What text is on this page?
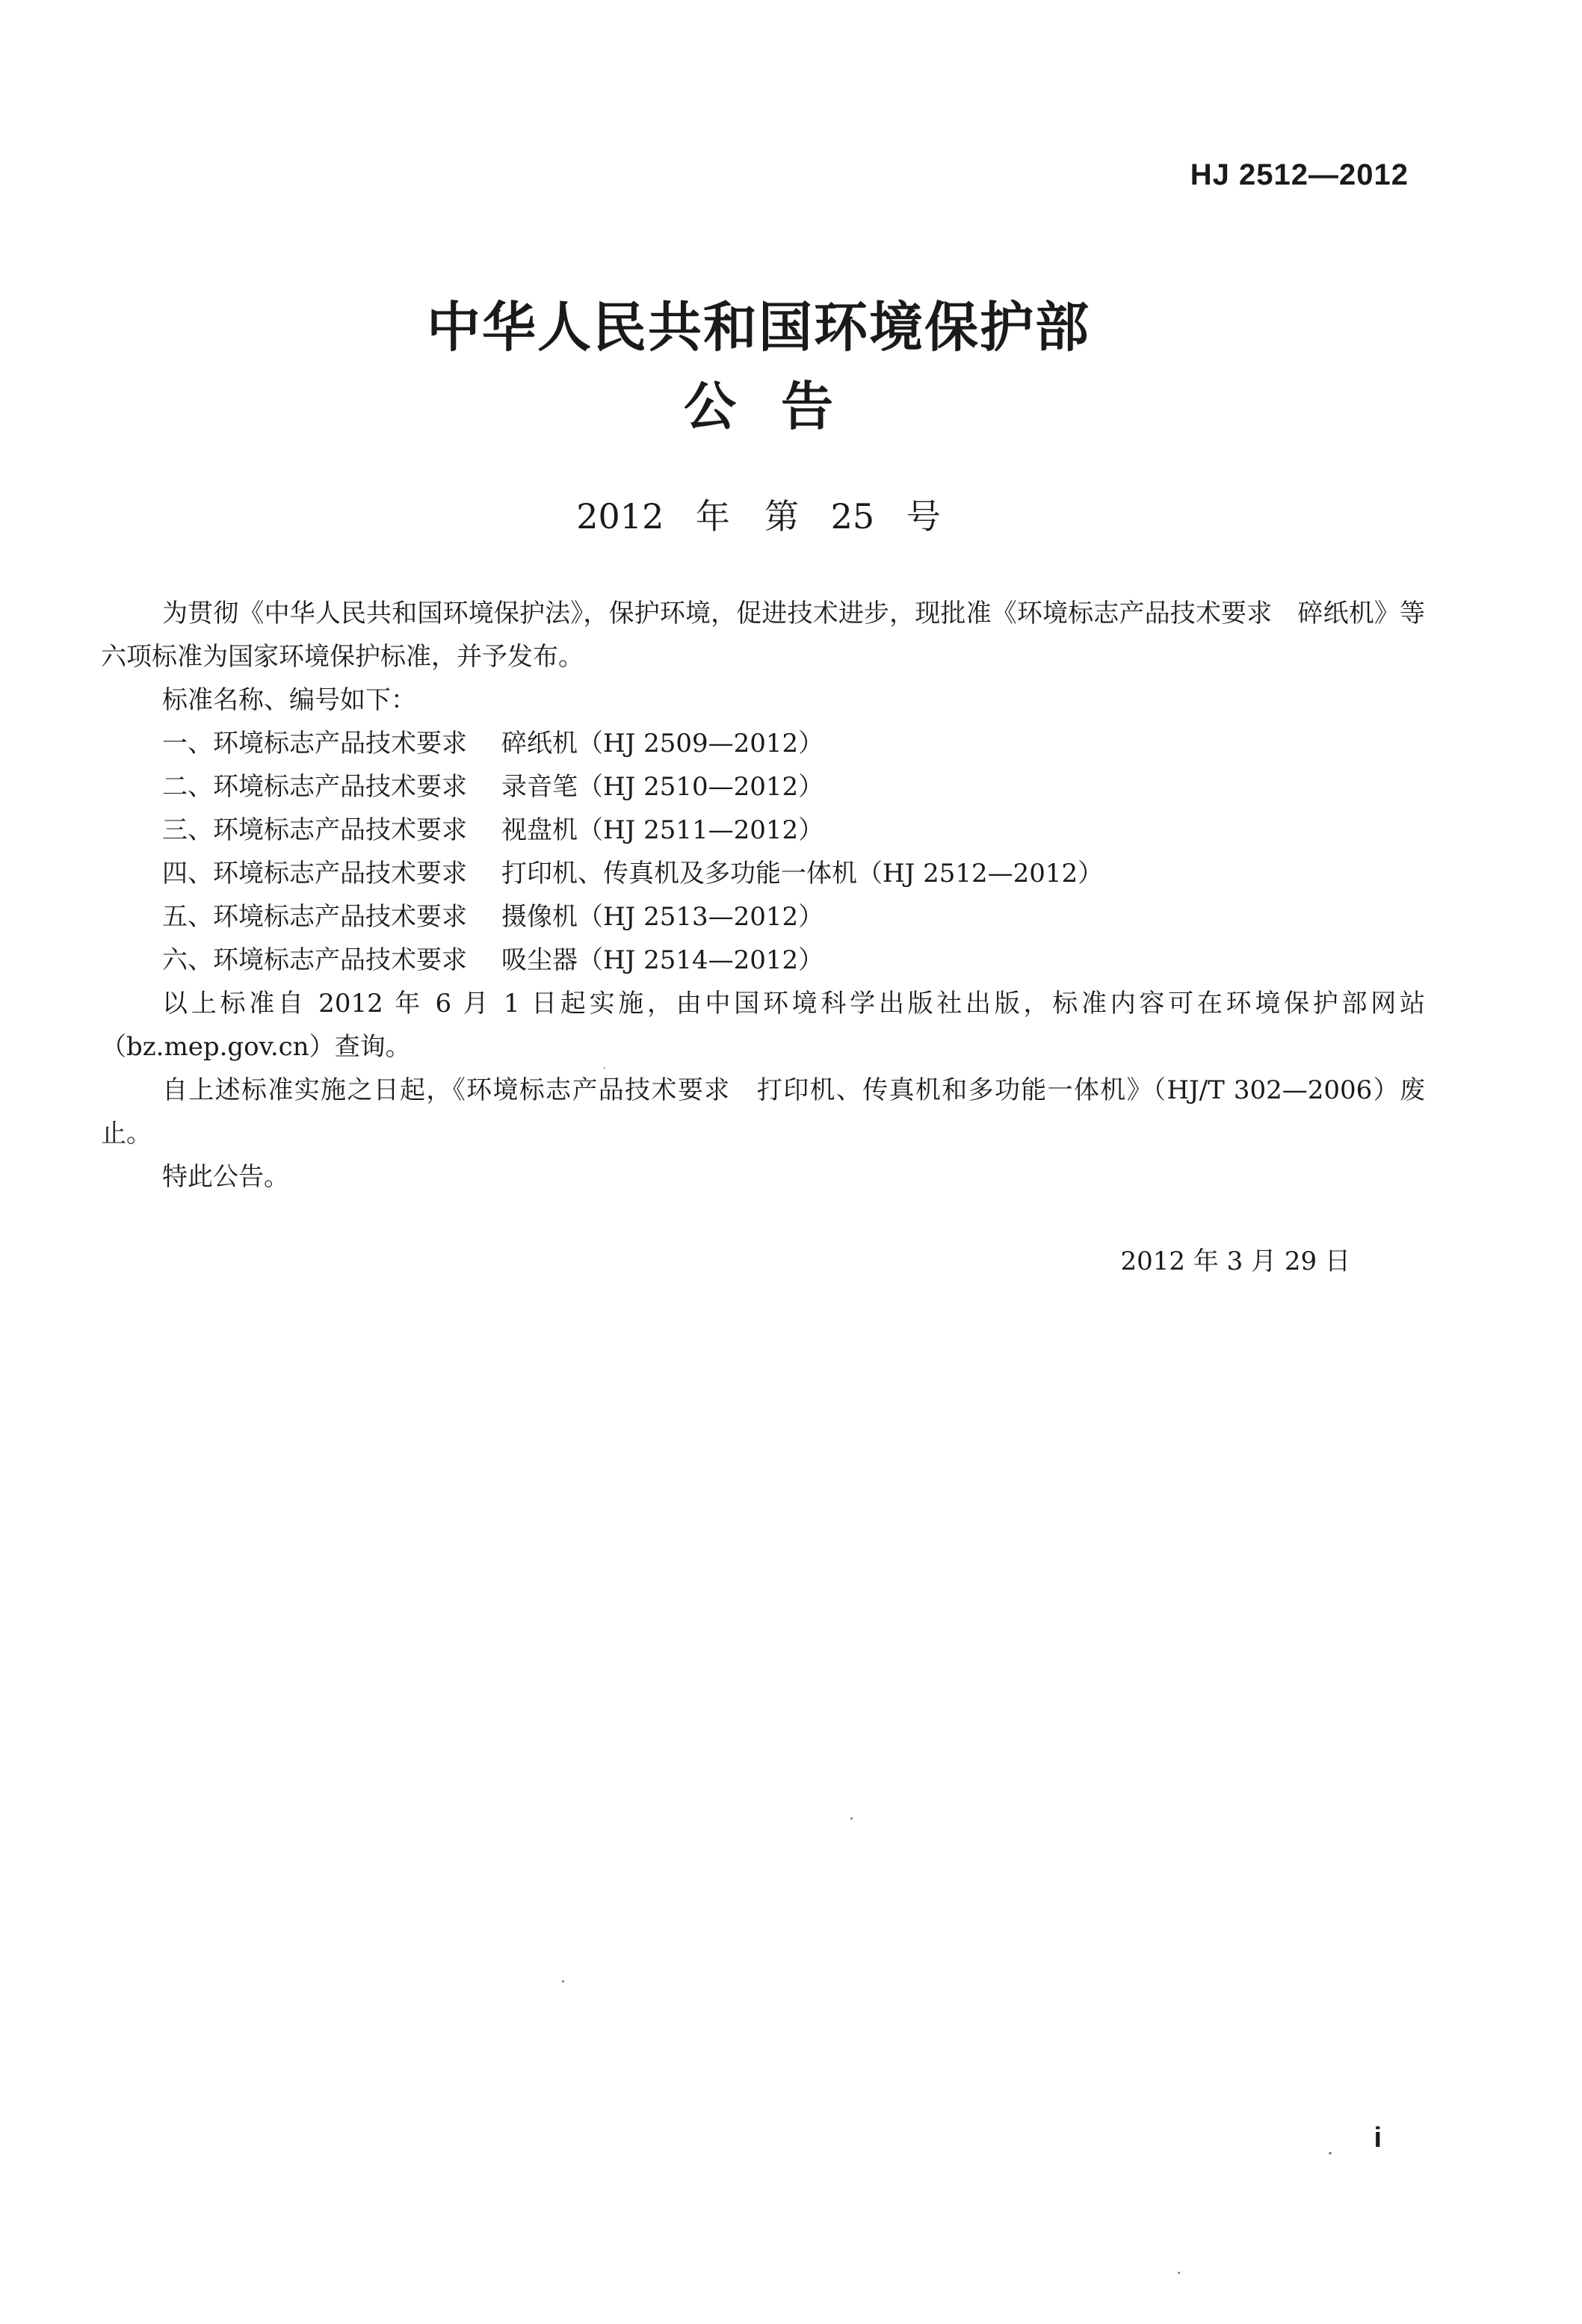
HJ 2512—2012
中华人民共和国环境保护部
公告
2012 年　第 25 号

为贯彻《中华人民共和国环境保护法》，保护环境，促进技术进步，现批准《环境标志产品技术要求　碎纸机》等六项标准为国家环境保护标准，并予发布。

标准名称、编号如下：

一、环境标志产品技术要求 碎纸机（HJ 2509—2012）

二、环境标志产品技术要求 录音笔（HJ 2510—2012）

三、环境标志产品技术要求 视盘机（HJ 2511—2012）

四、环境标志产品技术要求 打印机、传真机及多功能一体机（HJ 2512—2012）

五、环境标志产品技术要求 摄像机（HJ 2513—2012）

六、环境标志产品技术要求 吸尘器（HJ 2514—2012）

以上标准自 2012 年 6 月 1 日起实施，由中国环境科学出版社出版，标准内容可在环境保护部网站（bz.mep.gov.cn）查询。

自上述标准实施之日起，《环境标志产品技术要求　打印机、传真机和多功能一体机》（HJ/T 302—2006）废止。

特此公告。

2012 年 3 月 29 日
i
